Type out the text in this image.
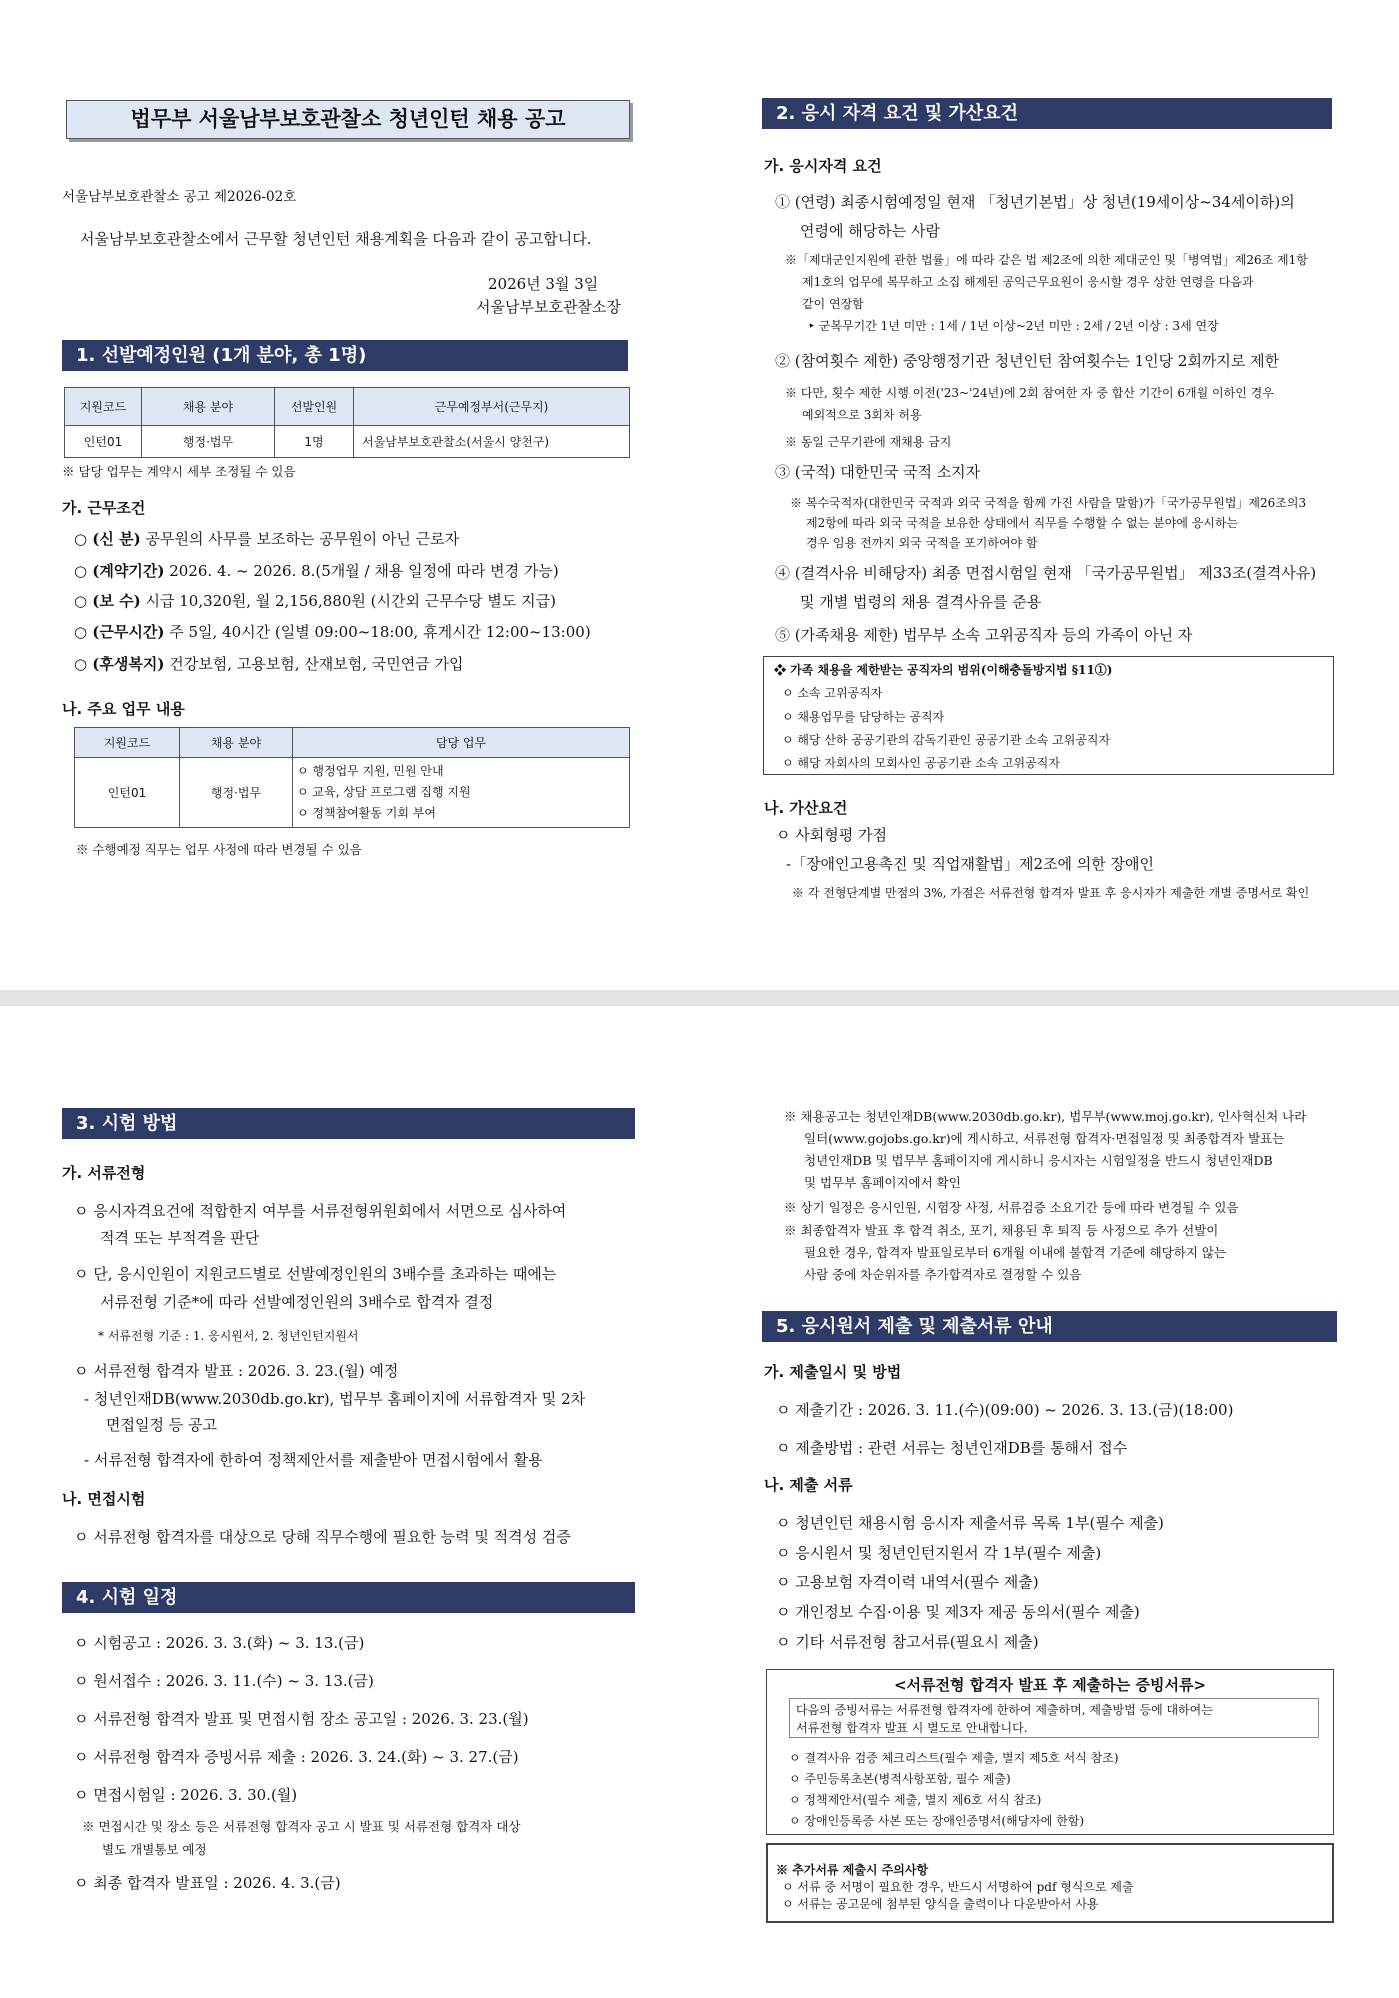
법무부 서울남부보호관찰소 청년인턴 채용 공고
서울남부보호관찰소 공고 제2026-02호
서울남부보호관찰소에서 근무할 청년인턴 채용계획을 다음과 같이 공고합니다.
2026년 3월 3일
서울남부보호관찰소장
1. 선발예정인원 (1개 분야, 총 1명)
지원코드	채용 분야	선발인원	근무예정부서(근무지)
인턴01	행정·법무	1명	서울남부보호관찰소(서울시 양천구)
※ 담당 업무는 계약시 세부 조정될 수 있음
가. 근무조건
○ (신 분) 공무원의 사무를 보조하는 공무원이 아닌 근로자
○ (계약기간) 2026. 4. ~ 2026. 8.(5개월 / 채용 일정에 따라 변경 가능)
○ (보 수) 시급 10,320원, 월 2,156,880원 (시간외 근무수당 별도 지급)
○ (근무시간) 주 5일, 40시간 (일별 09:00~18:00, 휴게시간 12:00~13:00)
○ (후생복지) 건강보험, 고용보험, 산재보험, 국민연금 가입
나. 주요 업무 내용
지원코드	채용 분야	담당 업무
인턴01	행정·법무	ㅇ 행정업무 지원, 민원 안내
ㅇ 교육, 상담 프로그램 집행 지원
ㅇ 정책참여활동 기회 부여
※ 수행예정 직무는 업무 사정에 따라 변경될 수 있음
2. 응시 자격 요건 및 가산요건
가. 응시자격 요건
① (연령) 최종시험예정일 현재 「청년기본법」상 청년(19세이상~34세이하)의
연령에 해당하는 사람
※「제대군인지원에 관한 법률」에 따라 같은 법 제2조에 의한 제대군인 및「병역법」제26조 제1항
제1호의 업무에 복무하고 소집 해제된 공익근무요원이 응시할 경우 상한 연령을 다음과
같이 연장함
‣ 군복무기간 1년 미만 : 1세 / 1년 이상~2년 미만 : 2세 / 2년 이상 : 3세 연장
② (참여횟수 제한) 중앙행정기관 청년인턴 참여횟수는 1인당 2회까지로 제한
※ 다만, 횟수 제한 시행 이전('23~'24년)에 2회 참여한 자 중 합산 기간이 6개월 이하인 경우
예외적으로 3회차 허용
※ 동일 근무기관에 재채용 금지
③ (국적) 대한민국 국적 소지자
※ 복수국적자(대한민국 국적과 외국 국적을 함께 가진 사람을 말함)가「국가공무원법」제26조의3
제2항에 따라 외국 국적을 보유한 상태에서 직무를 수행할 수 없는 분야에 응시하는
경우 임용 전까지 외국 국적을 포기하여야 함
④ (결격사유 비해당자) 최종 면접시험일 현재 「국가공무원법」 제33조(결격사유)
및 개별 법령의 채용 결격사유를 준용
⑤ (가족채용 제한) 법무부 소속 고위공직자 등의 가족이 아닌 자
❖ 가족 채용을 제한받는 공직자의 범위(이해충돌방지법 §11①)
ㅇ 소속 고위공직자
ㅇ 채용업무를 담당하는 공직자
ㅇ 해당 산하 공공기관의 감독기관인 공공기관 소속 고위공직자
ㅇ 해당 자회사의 모회사인 공공기관 소속 고위공직자
나. 가산요건
ㅇ 사회형평 가점
-「장애인고용촉진 및 직업재활법」제2조에 의한 장애인
※ 각 전형단계별 만점의 3%, 가점은 서류전형 합격자 발표 후 응시자가 제출한 개별 증명서로 확인
3. 시험 방법
가. 서류전형
ㅇ 응시자격요건에 적합한지 여부를 서류전형위원회에서 서면으로 심사하여
적격 또는 부적격을 판단
ㅇ 단, 응시인원이 지원코드별로 선발예정인원의 3배수를 초과하는 때에는
서류전형 기준*에 따라 선발예정인원의 3배수로 합격자 결정
* 서류전형 기준 : 1. 응시원서, 2. 청년인턴지원서
ㅇ 서류전형 합격자 발표 : 2026. 3. 23.(월) 예정
- 청년인재DB(www.2030db.go.kr), 법무부 홈페이지에 서류합격자 및 2차
면접일정 등 공고
- 서류전형 합격자에 한하여 정책제안서를 제출받아 면접시험에서 활용
나. 면접시험
ㅇ 서류전형 합격자를 대상으로 당해 직무수행에 필요한 능력 및 적격성 검증
4. 시험 일정
ㅇ 시험공고 : 2026. 3. 3.(화) ~ 3. 13.(금)
ㅇ 원서접수 : 2026. 3. 11.(수) ~ 3. 13.(금)
ㅇ 서류전형 합격자 발표 및 면접시험 장소 공고일 : 2026. 3. 23.(월)
ㅇ 서류전형 합격자 증빙서류 제출 : 2026. 3. 24.(화) ~ 3. 27.(금)
ㅇ 면접시험일 : 2026. 3. 30.(월)
※ 면접시간 및 장소 등은 서류전형 합격자 공고 시 발표 및 서류전형 합격자 대상
별도 개별통보 예정
ㅇ 최종 합격자 발표일 : 2026. 4. 3.(금)
※ 채용공고는 청년인재DB(www.2030db.go.kr), 법무부(www.moj.go.kr), 인사혁신처 나라
일터(www.gojobs.go.kr)에 게시하고, 서류전형 합격자·면접일정 및 최종합격자 발표는
청년인재DB 및 법무부 홈페이지에 게시하니 응시자는 시험일정을 반드시 청년인재DB
및 법무부 홈페이지에서 확인
※ 상기 일정은 응시인원, 시험장 사정, 서류검증 소요기간 등에 따라 변경될 수 있음
※ 최종합격자 발표 후 합격 취소, 포기, 채용된 후 퇴직 등 사정으로 추가 선발이
필요한 경우, 합격자 발표일로부터 6개월 이내에 불합격 기준에 해당하지 않는
사람 중에 차순위자를 추가합격자로 결정할 수 있음
5. 응시원서 제출 및 제출서류 안내
가. 제출일시 및 방법
ㅇ 제출기간 : 2026. 3. 11.(수)(09:00) ~ 2026. 3. 13.(금)(18:00)
ㅇ 제출방법 : 관련 서류는 청년인재DB를 통해서 접수
나. 제출 서류
ㅇ 청년인턴 채용시험 응시자 제출서류 목록 1부(필수 제출)
ㅇ 응시원서 및 청년인턴지원서 각 1부(필수 제출)
ㅇ 고용보험 자격이력 내역서(필수 제출)
ㅇ 개인정보 수집·이용 및 제3자 제공 동의서(필수 제출)
ㅇ 기타 서류전형 참고서류(필요시 제출)
<서류전형 합격자 발표 후 제출하는 증빙서류>
다음의 증빙서류는 서류전형 합격자에 한하여 제출하며, 제출방법 등에 대하여는
서류전형 합격자 발표 시 별도로 안내합니다.
ㅇ 결격사유 검증 체크리스트(필수 제출, 별지 제5호 서식 참조)
ㅇ 주민등록초본(병적사항포함, 필수 제출)
ㅇ 정책제안서(필수 제출, 별지 제6호 서식 참조)
ㅇ 장애인등록증 사본 또는 장애인증명서(해당자에 한함)
※ 추가서류 제출시 주의사항
ㅇ 서류 중 서명이 필요한 경우, 반드시 서명하여 pdf 형식으로 제출
ㅇ 서류는 공고문에 첨부된 양식을 출력이나 다운받아서 사용
